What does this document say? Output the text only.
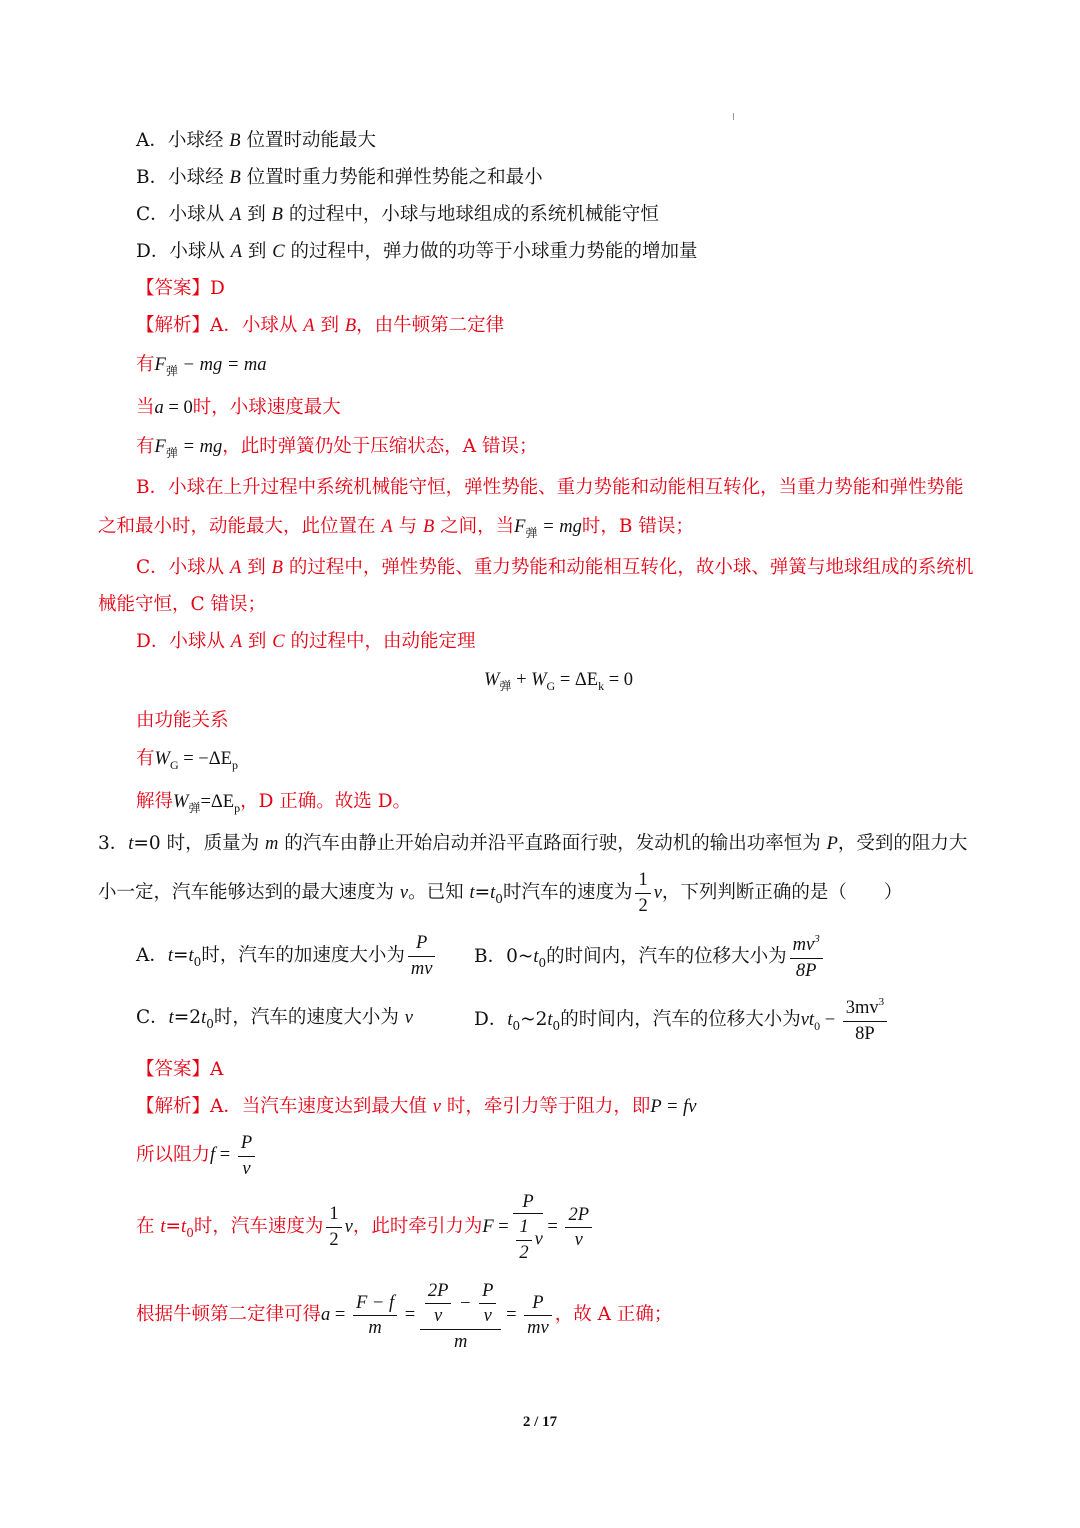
A．小球经 B 位置时动能最大
B．小球经 B 位置时重力势能和弹性势能之和最小
C．小球从 A 到 B 的过程中，小球与地球组成的系统机械能守恒
D．小球从 A 到 C 的过程中，弹力做的功等于小球重力势能的增加量
【答案】D
【解析】A．小球从 A 到 B，由牛顿第二定律
有$F_弹$ − mg = ma
当a = 0时，小球速度最大
有$F_弹$ = mg，此时弹簧仍处于压缩状态，A 错误；
B．小球在上升过程中系统机械能守恒，弹性势能、重力势能和动能相互转化，当重力势能和弹性势能
之和最小时，动能最大，此位置在 A 与 B 之间，当$F_弹$ = mg时，B 错误；
C．小球从 A 到 B 的过程中，弹性势能、重力势能和动能相互转化，故小球、弹簧与地球组成的系统机
械能守恒，C 错误；
D．小球从 A 到 C 的过程中，由动能定理
$W_弹 + W_G = \Delta E_k = 0$
由功能关系
有$W_G = -\Delta E_p$
解得$W_弹=\Delta E_p$，D 正确。故选 D。
3．t=0 时，质量为 m 的汽车由静止开始启动并沿平直路面行驶，发动机的输出功率恒为 P，受到的阻力大
小一定，汽车能够达到的最大速度为 v。已知 $t=t_0$时汽车的速度为 $\frac{1}{2}$ v，下列判断正确的是（　　）
A．$t=t_0$时，汽车的加速度大小为 $\frac{P}{mv}$ B．$0\sim t_0$的时间内，汽车的位移大小为 $\frac{mv^3}{8P}$
C．$t=2t_0$时，汽车的速度大小为 v	D．$t_0\sim 2t_0$的时间内，汽车的位移大小为$vt_0 - \frac{3mv^3}{8P}$
【答案】A
【解析】A．当汽车速度达到最大值 v 时，牵引力等于阻力，即P = fv
所以阻力$f = \frac{P}{v}$
在 $t=t_0$时，汽车速度为 $\frac{1}{2}$ v，此时牵引力为$F = \frac{P}{\frac{1}{2} v} = \frac{2P}{v}$
根据牛顿第二定律可得$a = \frac{F - f}{m} = \frac{\frac{2P}{v} - \frac{P}{v}}{m} = \frac{P}{mv}$ ，故 A 正确；
2 / 17
